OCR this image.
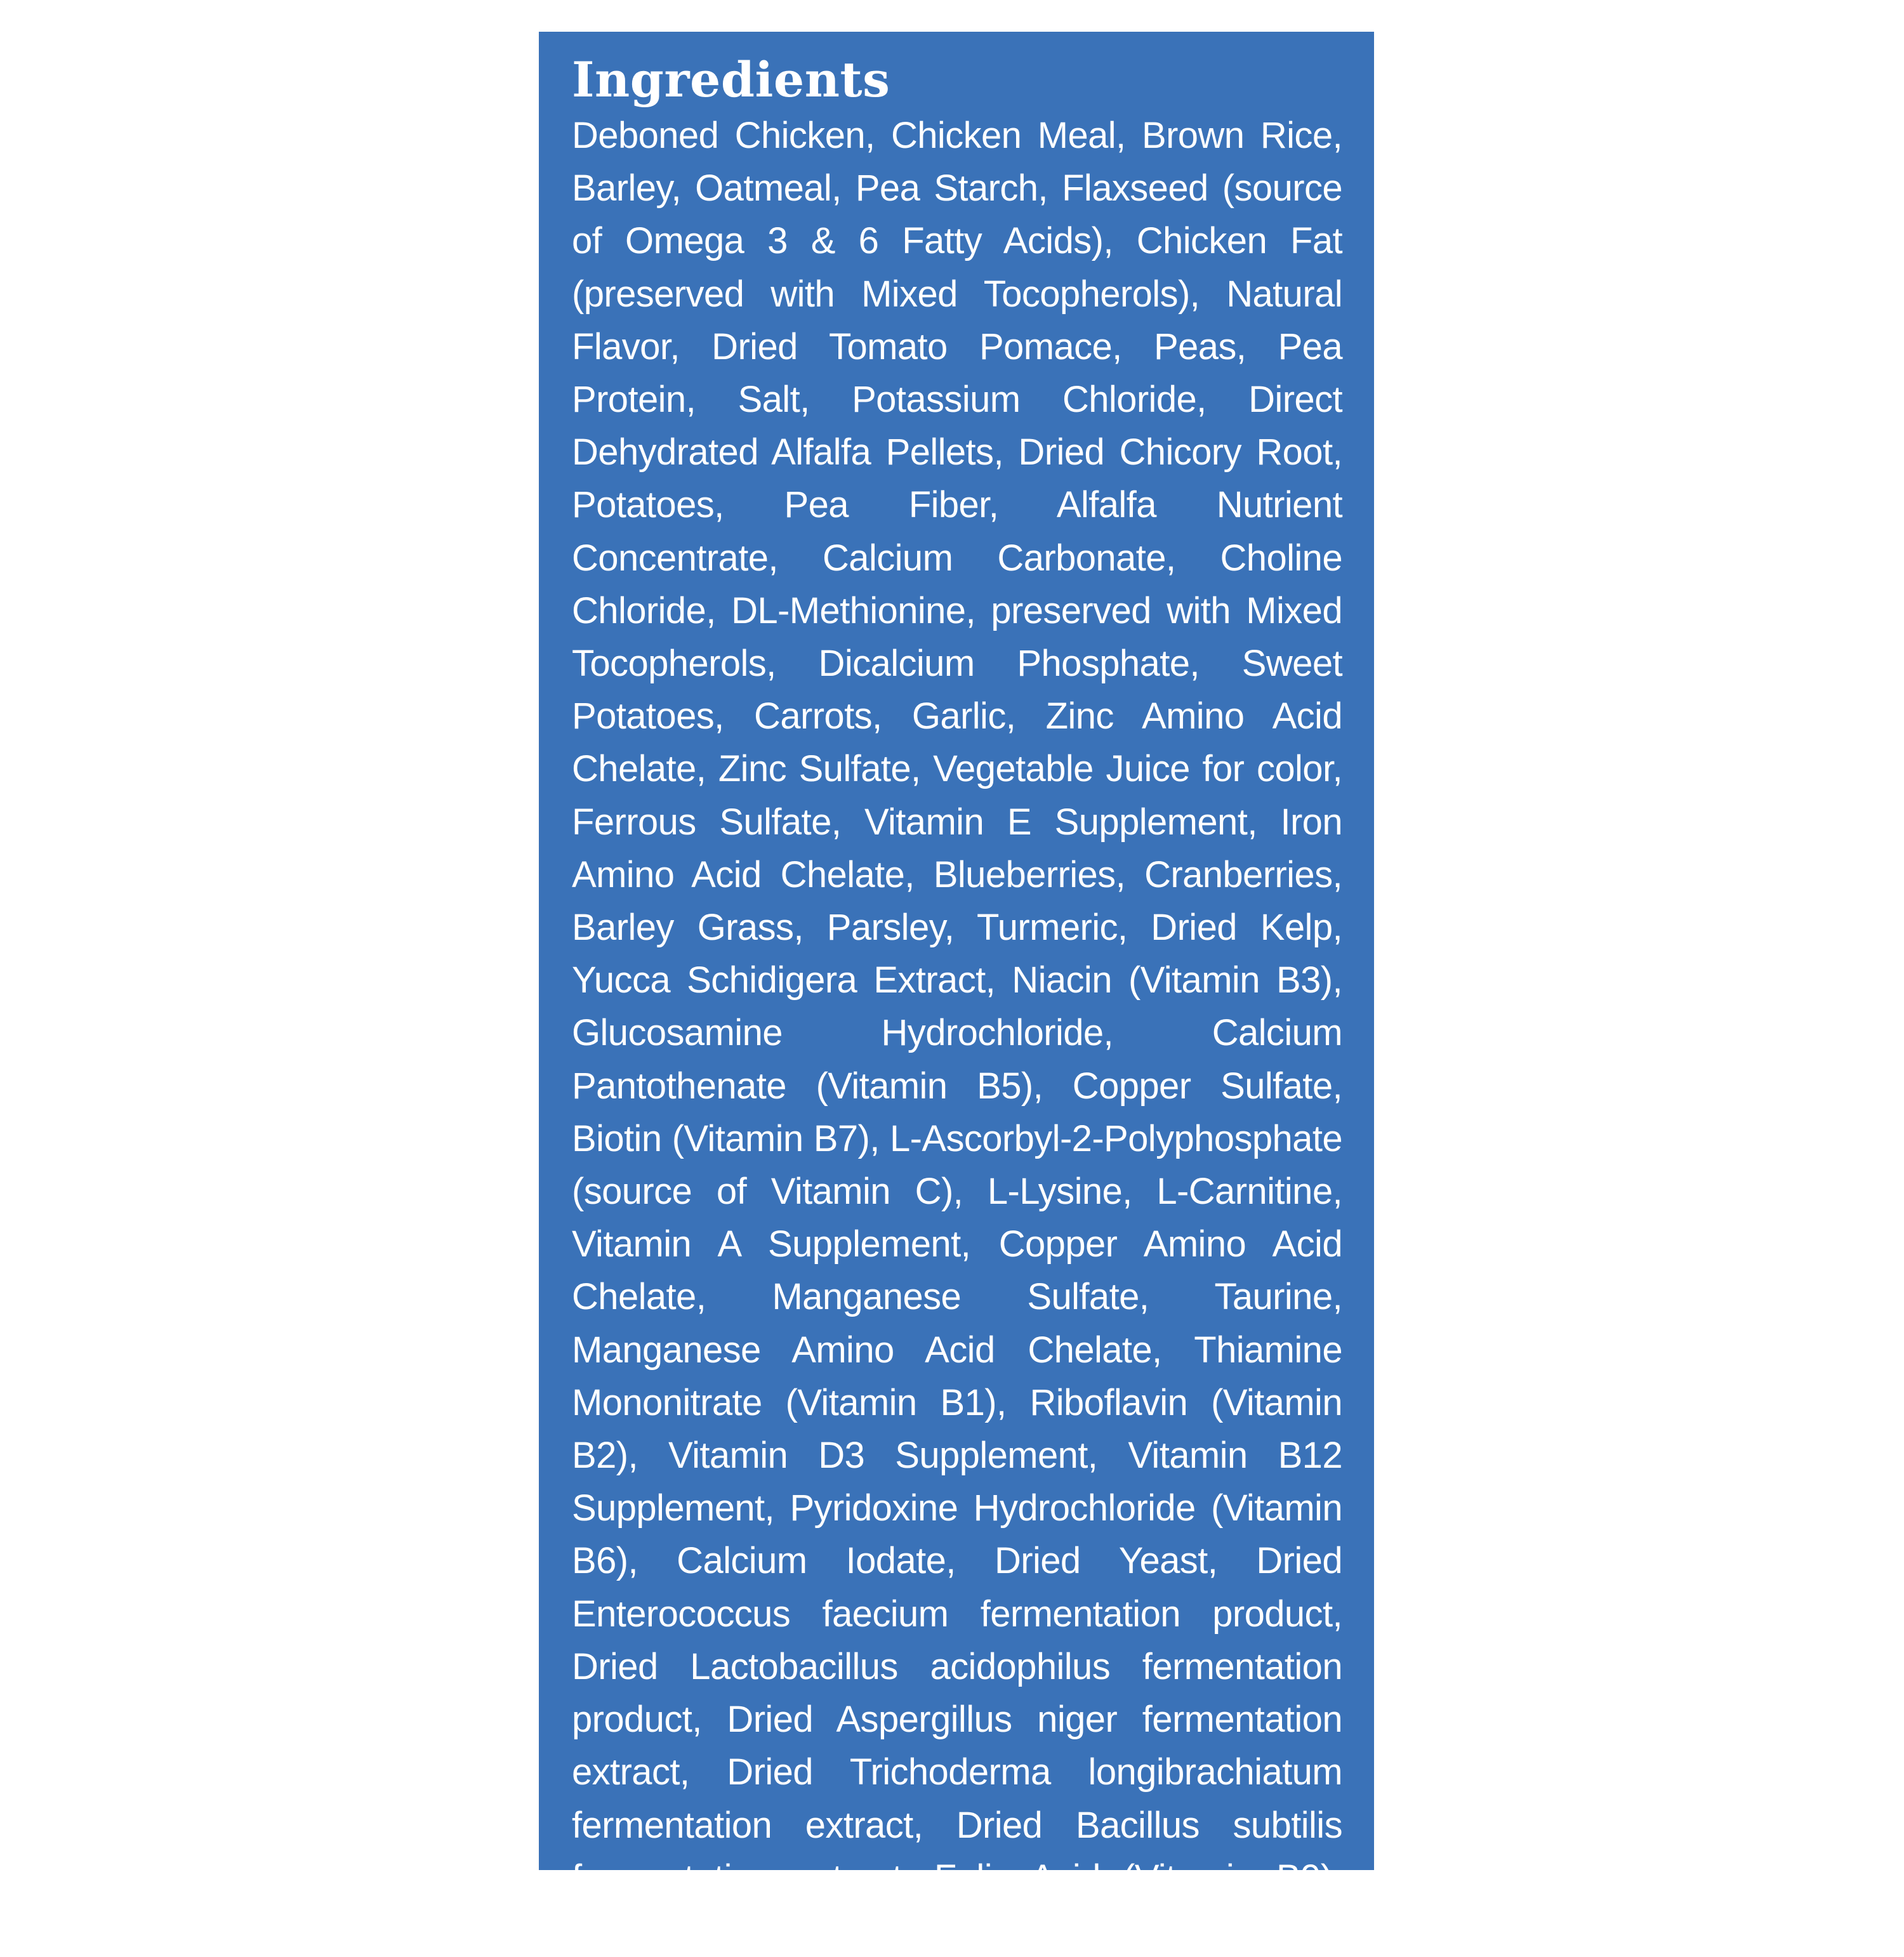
Ingredients

Deboned Chicken, Chicken Meal, Brown Rice, Barley, Oatmeal, Pea Starch, Flaxseed (source of Omega 3 & 6 Fatty Acids), Chicken Fat (preserved with Mixed Tocopherols), Natural Flavor, Dried Tomato Pomace, Peas, Pea Protein, Salt, Potassium Chloride, Direct Dehydrated Alfalfa Pellets, Dried Chicory Root, Potatoes, Pea Fiber, Alfalfa Nutrient Concentrate, Calcium Carbonate, Choline Chloride, DL-Methionine, preserved with Mixed Tocopherols, Dicalcium Phosphate, Sweet Potatoes, Carrots, Garlic, Zinc Amino Acid Chelate, Zinc Sulfate, Vegetable Juice for color, Ferrous Sulfate, Vitamin E Supplement, Iron Amino Acid Chelate, Blueberries, Cranberries, Barley Grass, Parsley, Turmeric, Dried Kelp, Yucca Schidigera Extract, Niacin (Vitamin B3), Glucosamine Hydrochloride, Calcium Pantothenate (Vitamin B5), Copper Sulfate, Biotin (Vitamin B7), L-Ascorbyl-2-Polyphosphate (source of Vitamin C), L-Lysine, L-Carnitine, Vitamin A Supplement, Copper Amino Acid Chelate, Manganese Sulfate, Taurine, Manganese Amino Acid Chelate, Thiamine Mononitrate (Vitamin B1), Riboflavin (Vitamin B2), Vitamin D3 Supplement, Vitamin B12 Supplement, Pyridoxine Hydrochloride (Vitamin B6), Calcium Iodate, Dried Yeast, Dried Enterococcus faecium fermentation product, Dried Lactobacillus acidophilus fermentation product, Dried Aspergillus niger fermentation extract, Dried Trichoderma longibrachiatum fermentation extract, Dried Bacillus subtilis fermentation extract, Folic Acid (Vitamin B9), Sodium Selenite, Oil of Rosemary.
